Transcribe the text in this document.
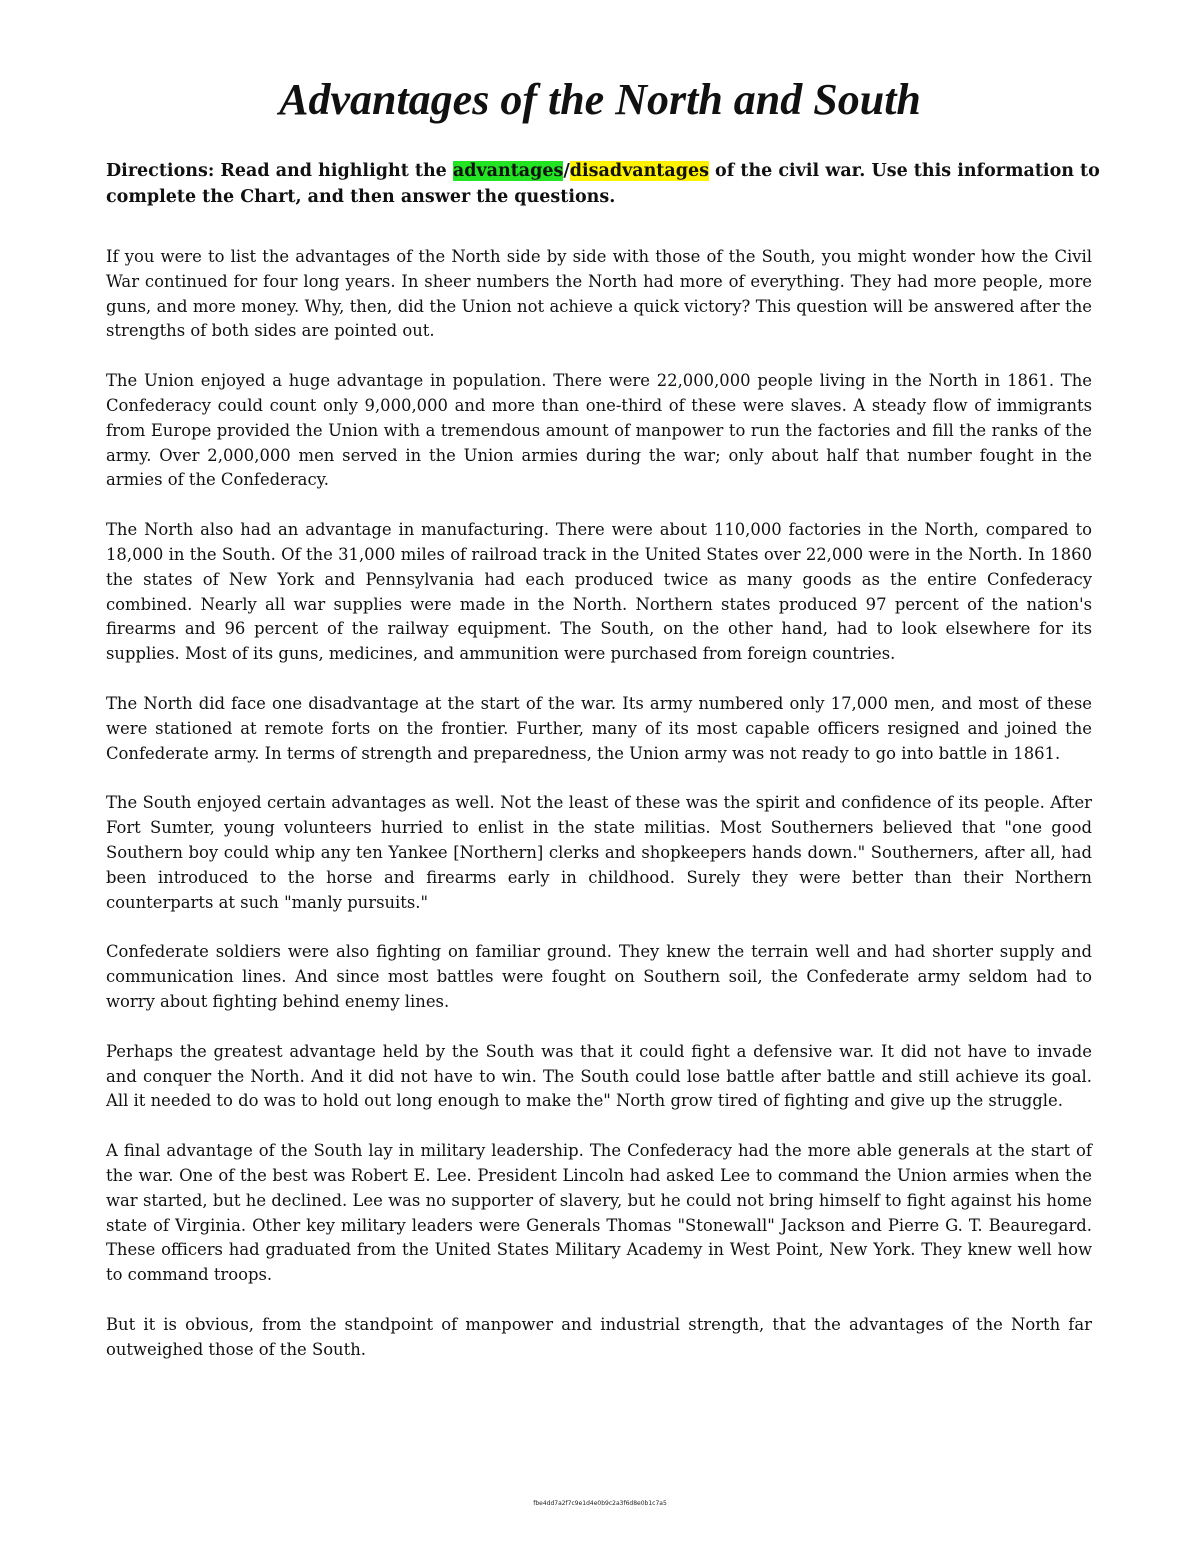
Advantages of the North and South

Directions: Read and highlight the advantages/disadvantages of the civil war. Use this information to complete the Chart, and then answer the questions.

If you were to list the advantages of the North side by side with those of the South, you might wonder how the Civil War continued for four long years. In sheer numbers the North had more of everything. They had more people, more guns, and more money. Why, then, did the Union not achieve a quick victory? This question will be answered after the strengths of both sides are pointed out.

The Union enjoyed a huge advantage in population. There were 22,000,000 people living in the North in 1861. The Confederacy could count only 9,000,000 and more than one-third of these were slaves. A steady flow of immigrants from Europe provided the Union with a tremendous amount of manpower to run the factories and fill the ranks of the army. Over 2,000,000 men served in the Union armies during the war; only about half that number fought in the armies of the Confederacy.

The North also had an advantage in manufacturing. There were about 110,000 factories in the North, compared to 18,000 in the South. Of the 31,000 miles of railroad track in the United States over 22,000 were in the North. In 1860 the states of New York and Pennsylvania had each produced twice as many goods as the entire Confederacy combined. Nearly all war supplies were made in the North. Northern states produced 97 percent of the nation's firearms and 96 percent of the railway equipment. The South, on the other hand, had to look elsewhere for its supplies. Most of its guns, medicines, and ammunition were purchased from foreign countries.

The North did face one disadvantage at the start of the war. Its army numbered only 17,000 men, and most of these were stationed at remote forts on the frontier. Further, many of its most capable officers resigned and joined the Confederate army. In terms of strength and preparedness, the Union army was not ready to go into battle in 1861.

The South enjoyed certain advantages as well. Not the least of these was the spirit and confidence of its people. After Fort Sumter, young volunteers hurried to enlist in the state militias. Most Southerners believed that "one good Southern boy could whip any ten Yankee [Northern] clerks and shopkeepers hands down." Southerners, after all, had been introduced to the horse and firearms early in childhood. Surely they were better than their Northern counterparts at such "manly pursuits."

Confederate soldiers were also fighting on familiar ground. They knew the terrain well and had shorter supply and communication lines. And since most battles were fought on Southern soil, the Confederate army seldom had to worry about fighting behind enemy lines.

Perhaps the greatest advantage held by the South was that it could fight a defensive war. It did not have to invade and conquer the North. And it did not have to win. The South could lose battle after battle and still achieve its goal. All it needed to do was to hold out long enough to make the" North grow tired of fighting and give up the struggle.

A final advantage of the South lay in military leadership. The Confederacy had the more able generals at the start of the war. One of the best was Robert E. Lee. President Lincoln had asked Lee to command the Union armies when the war started, but he declined. Lee was no supporter of slavery, but he could not bring himself to fight against his home state of Virginia. Other key military leaders were Generals Thomas "Stonewall" Jackson and Pierre G. T. Beauregard. These officers had graduated from the United States Military Academy in West Point, New York. They knew well how to command troops.

But it is obvious, from the standpoint of manpower and industrial strength, that the advantages of the North far outweighed those of the South.

fbe4dd7a2f7c9e1d4e0b9c2a3f6d8e0b1c7a5
